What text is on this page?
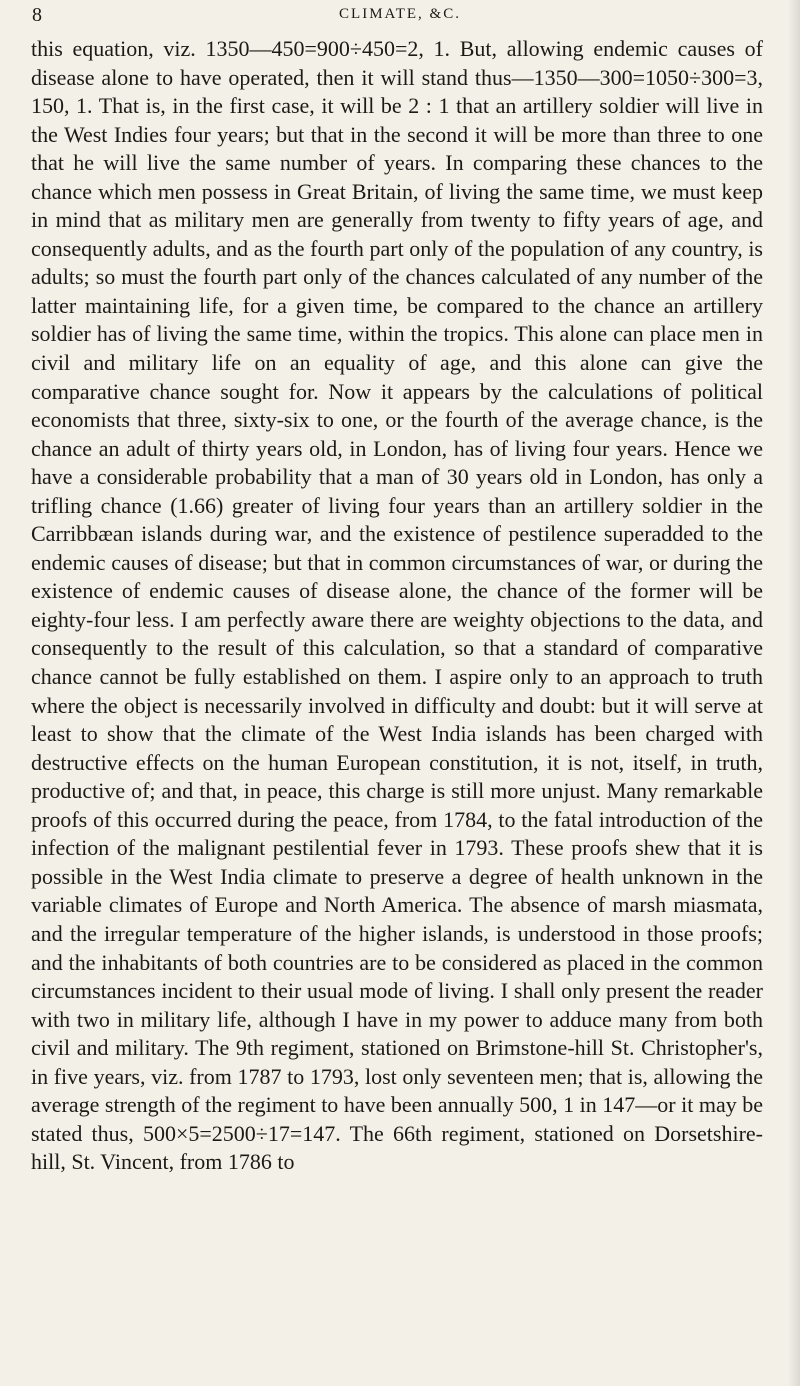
8	CLIMATE, &C.

this equation, viz. 1350—450=900÷450=2, 1. But, allowing endemic causes of disease alone to have operated, then it will stand thus—1350—300=1050÷300=3, 150, 1. That is, in the first case, it will be 2 : 1 that an artillery soldier will live in the West Indies four years; but that in the second it will be more than three to one that he will live the same number of years. In comparing these chances to the chance which men possess in Great Britain, of living the same time, we must keep in mind that as military men are generally from twenty to fifty years of age, and consequently adults, and as the fourth part only of the population of any country, is adults; so must the fourth part only of the chances calculated of any number of the latter maintaining life, for a given time, be compared to the chance an artillery soldier has of living the same time, within the tropics. This alone can place men in civil and military life on an equality of age, and this alone can give the comparative chance sought for. Now it appears by the calculations of political economists that three, sixty-six to one, or the fourth of the average chance, is the chance an adult of thirty years old, in London, has of living four years. Hence we have a considerable probability that a man of 30 years old in London, has only a trifling chance (1.66) greater of living four years than an artillery soldier in the Carribbæan islands during war, and the existence of pestilence superadded to the endemic causes of disease; but that in common circumstances of war, or during the existence of endemic causes of disease alone, the chance of the former will be eighty-four less. I am perfectly aware there are weighty objections to the data, and consequently to the result of this calculation, so that a standard of comparative chance cannot be fully established on them. I aspire only to an approach to truth where the object is necessarily involved in difficulty and doubt: but it will serve at least to show that the climate of the West India islands has been charged with destructive effects on the human European constitution, it is not, itself, in truth, productive of; and that, in peace, this charge is still more unjust. Many remarkable proofs of this occurred during the peace, from 1784, to the fatal introduction of the infection of the malignant pestilential fever in 1793. These proofs shew that it is possible in the West India climate to preserve a degree of health unknown in the variable climates of Europe and North America. The absence of marsh miasmata, and the irregular temperature of the higher islands, is understood in those proofs; and the inhabitants of both countries are to be considered as placed in the common circumstances incident to their usual mode of living. I shall only present the reader with two in military life, although I have in my power to adduce many from both civil and military. The 9th regiment, stationed on Brimstone-hill St. Christopher's, in five years, viz. from 1787 to 1793, lost only seventeen men; that is, allowing the average strength of the regiment to have been annually 500, 1 in 147—or it may be stated thus, 500×5=2500÷17=147. The 66th regiment, stationed on Dorsetshire-hill, St. Vincent, from 1786 to
